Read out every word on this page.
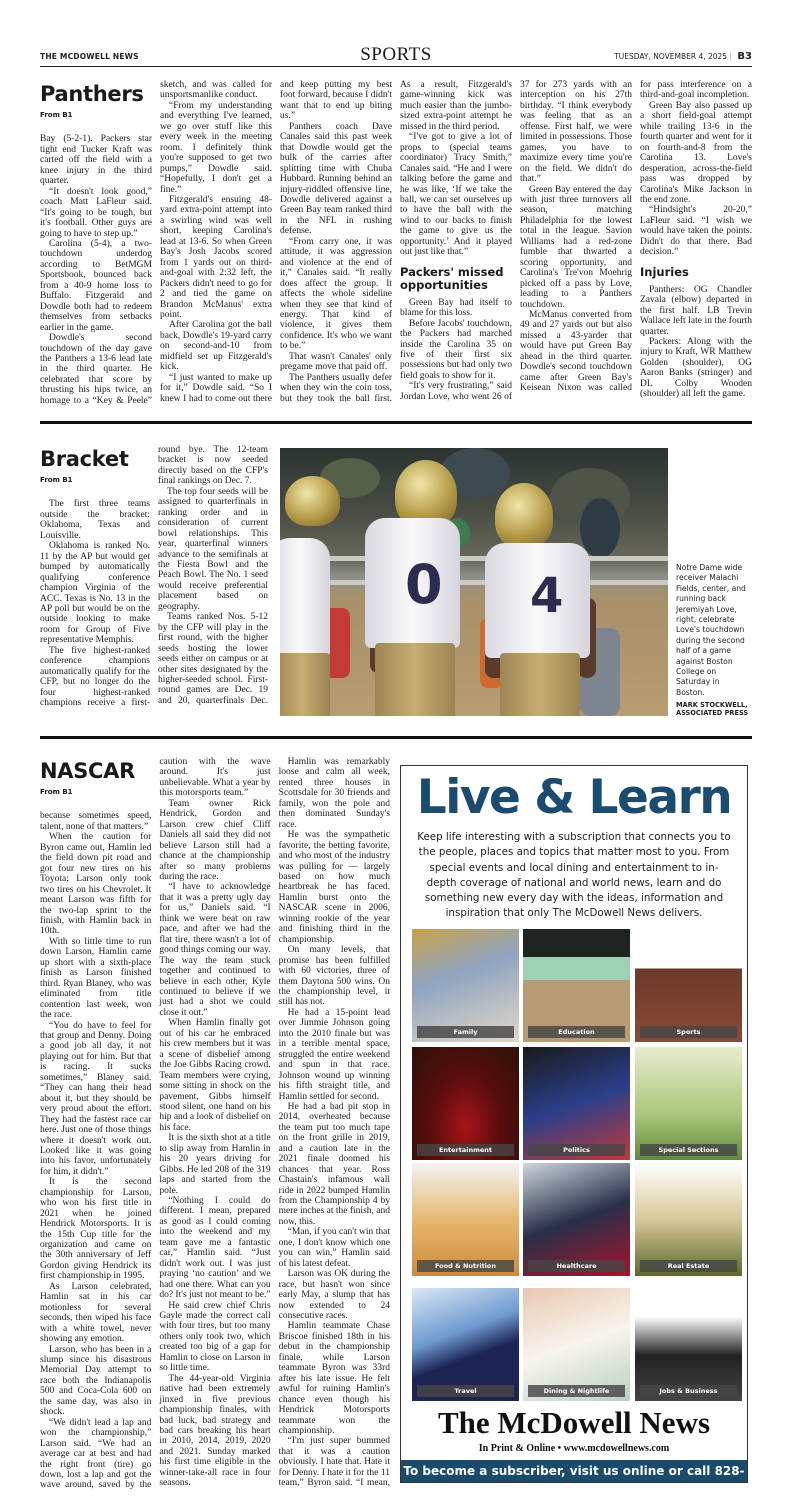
THE MCDOWELL NEWS	SPORTS	TUESDAY, NOVEMBER 4, 2025 | B3
Panthers

From B1

Bay (5-2-1). Packers star tight end Tucker Kraft was carted off the field with a knee injury in the third quarter.

“It doesn't look good,” coach Matt LaFleur said. “It's going to be tough, but it's football. Other guys are going to have to step up.”

Carolina (5-4), a two-touchdown underdog according to BetMGM Sportsbook, bounced back from a 40-9 home loss to Buffalo. Fitzgerald and Dowdle both had to redeem themselves from setbacks earlier in the game.

Dowdle's second touchdown of the day gave the Panthers a 13-6 lead late in the third quarter. He celebrated that score by thrusting his hips twice, an homage to a “Key & Peele” sketch, and was called for unsportsmanlike conduct.

“From my understanding and everything I've learned, we go over stuff like this every week in the meeting room. I definitely think you're supposed to get two pumps,” Dowdle said. “Hopefully, I don't get a fine.”

Fitzgerald's ensuing 48-yard extra-point attempt into a swirling wind was well short, keeping Carolina's lead at 13-6. So when Green Bay's Josh Jacobs scored from 1 yards out on third-and-goal with 2:32 left, the Packers didn't need to go for 2 and tied the game on Brandon McManus' extra point.

After Carolina got the ball back, Dowdle's 19-yard carry on second-and-10 from midfield set up Fitzgerald's kick.

“I just wanted to make up for it,” Dowdle said. “So I knew I had to come out there and keep putting my best foot forward, because I didn't want that to end up biting us.”

Panthers coach Dave Canales said this past week that Dowdle would get the bulk of the carries after splitting time with Chuba Hubbard. Running behind an injury-riddled offensive line, Dowdle delivered against a Green Bay team ranked third in the NFL in rushing defense.

“From carry one, it was attitude, it was aggression and violence at the end of it,” Canales said. “It really does affect the group. It affects the whole sideline when they see that kind of energy. That kind of violence, it gives them confidence. It's who we want to be.”

That wasn't Canales' only pregame move that paid off.

The Panthers usually defer when they win the coin toss, but they took the ball first. As a result, Fitzgerald's game-winning kick was much easier than the jumbo-sized extra-point attempt he missed in the third period.

“I've got to give a lot of props to (special teams coordinator) Tracy Smith,” Canales said. “He and I were talking before the game and he was like, ‘If we take the ball, we can set ourselves up to have the ball with the wind to our backs to finish the game to give us the opportunity.’ And it played out just like that.”

Packers' missed opportunities

Green Bay had itself to blame for this loss.

Before Jacobs' touchdown, the Packers had marched inside the Carolina 35 on five of their first six possessions but had only two field goals to show for it.

“It's very frustrating,” said Jordan Love, who went 26 of 37 for 273 yards with an interception on his 27th birthday. “I think everybody was feeling that as an offense. First half, we were limited in possessions. Those games, you have to maximize every time you're on the field. We didn't do that.”

Green Bay entered the day with just three turnovers all season, matching Philadelphia for the lowest total in the league. Savion Williams had a red-zone fumble that thwarted a scoring opportunity, and Carolina's Tre'von Moehrig picked off a pass by Love, leading to a Panthers touchdown.

McManus converted from 49 and 27 yards out but also missed a 43-yarder that would have put Green Bay ahead in the third quarter. Dowdle's second touchdown came after Green Bay's Keisean Nixon was called for pass interference on a third-and-goal incompletion.

Green Bay also passed up a short field-goal attempt while trailing 13-6 in the fourth quarter and went for it on fourth-and-8 from the Carolina 13. Love's desperation, across-the-field pass was dropped by Carolina's Mike Jackson in the end zone.

“Hindsight's 20-20,” LaFleur said. “I wish we would have taken the points. Didn't do that there. Bad decision.”

Injuries

Panthers: OG Chandler Zavala (elbow) departed in the first half. LB Trevin Wallace left late in the fourth quarter.

Packers: Along with the injury to Kraft, WR Matthew Golden (shoulder), OG Aaron Banks (stringer) and DL Colby Wooden (shoulder) all left the game.

Bracket

From B1

The first three teams outside the bracket: Oklahoma, Texas and Louisville.

Oklahoma is ranked No. 11 by the AP but would get bumped by automatically qualifying conference champion Virginia of the ACC. Texas is No. 13 in the AP poll but would be on the outside looking to make room for Group of Five representative Memphis.

The five highest-ranked conference champions automatically qualify for the CFP, but no longer do the four highest-ranked champions receive a first-round bye. The 12-team bracket is now seeded directly based on the CFP's final rankings on Dec. 7.

The top four seeds will be assigned to quarterfinals in ranking order and in consideration of current bowl relationships. This year, quarterfinal winners advance to the semifinals at the Fiesta Bowl and the Peach Bowl. The No. 1 seed would receive preferential placement based on geography.

Teams ranked Nos. 5-12 by the CFP will play in the first round, with the higher seeds hosting the lower seeds either on campus or at other sites designated by the higher-seeded school. First-round games are Dec. 19 and 20, quarterfinals Dec.

0 4
Notre Dame wide receiver Malachi Fields, center, and running back Jeremiyah Love, right, celebrate Love's touchdown during the second half of a game against Boston College on Saturday in Boston.
MARK STOCKWELL, ASSOCIATED PRESS
NASCAR

From B1

because sometimes speed, talent, none of that matters.”

When the caution for Byron came out, Hamlin led the field down pit road and got four new tires on his Toyota; Larson only took two tires on his Chevrolet. It meant Larson was fifth for the two-lap sprint to the finish, with Hamlin back in 10th.

With so little time to run down Larson, Hamlin came up short with a sixth-place finish as Larson finished third. Ryan Blaney, who was eliminated from title contention last week, won the race.

“You do have to feel for that group and Denny. Doing a good job all day, it not playing out for him. But that is racing. It sucks sometimes,” Blaney said. “They can hang their head about it, but they should be very proud about the effort. They had the fastest race car here. Just one of those things where it doesn't work out. Looked like it was going into his favor, unfortunately for him, it didn't.”

It is the second championship for Larson, who won his first title in 2021 when he joined Hendrick Motorsports. It is the 15th Cup title for the organization and came on the 30th anniversary of Jeff Gordon giving Hendrick its first championship in 1995.

As Larson celebrated, Hamlin sat in his car motionless for several seconds, then wiped his face with a white towel, never showing any emotion.

Larson, who has been in a slump since his disastrous Memorial Day attempt to race both the Indianapolis 500 and Coca-Cola 600 on the same day, was also in shock.

“We didn't lead a lap and won the championship,” Larson said. “We had an average car at best and had the right front (tire) go down, lost a lap and got the wave around, saved by the caution with the wave around. It's just unbelievable. What a year by this motorsports team.”

Team owner Rick Hendrick, Gordon and Larson crew chief Cliff Daniels all said they did not believe Larson still had a chance at the championship after so many problems during the race.

“I have to acknowledge that it was a pretty ugly day for us,” Daniels said. “I think we were beat on raw pace, and after we had the flat tire, there wasn't a lot of good things coming our way. The way the team stuck together and continued to believe in each other, Kyle continued to believe if we just had a shot we could close it out.”

When Hamlin finally got out of his car he embraced his crew members but it was a scene of disbelief among the Joe Gibbs Racing crowd. Team members were crying, some sitting in shock on the pavement, Gibbs himself stood silent, one hand on his hip and a look of disbelief on his face.

It is the sixth shot at a title to slip away from Hamlin in his 20 years driving for Gibbs. He led 208 of the 319 laps and started from the pole.

“Nothing I could do different. I mean, prepared as good as I could coming into the weekend and my team gave me a fantastic car,” Hamlin said. “Just didn't work out. I was just praying ‘no caution’ and we had one there. What can you do? It's just not meant to be.”

He said crew chief Chris Gayle made the correct call with four tires, but too many others only took two, which created too big of a gap for Hamlin to close on Larson in so little time.

The 44-year-old Virginia native had been extremely jinxed in five previous championship finales, with bad luck, bad strategy and bad cars breaking his heart in 2010, 2014, 2019, 2020 and 2021. Sunday marked his first time eligible in the winner-take-all race in four seasons.

Hamlin was remarkably loose and calm all week, rented three houses in Scottsdale for 30 friends and family, won the pole and then dominated Sunday's race.

He was the sympathetic favorite, the betting favorite, and who most of the industry was pulling for — largely based on how much heartbreak he has faced. Hamlin burst onto the NASCAR scene in 2006, winning rookie of the year and finishing third in the championship.

On many levels, that promise has been fulfilled with 60 victories, three of them Daytona 500 wins. On the championship level, it still has not.

He had a 15-point lead over Jimmie Johnson going into the 2010 finale but was in a terrible mental space, struggled the entire weekend and spun in that race. Johnson wound up winning his fifth straight title, and Hamlin settled for second.

He had a bad pit stop in 2014, overheated because the team put too much tape on the front grille in 2019, and a caution late in the 2021 finale doomed his chances that year. Ross Chastain's infamous wall ride in 2022 bumped Hamlin from the Championship 4 by mere inches at the finish, and now, this.

“Man, if you can't win that one, I don't know which one you can win,” Hamlin said of his latest defeat.

Larson was OK during the race, but hasn't won since early May, a slump that has now extended to 24 consecutive races.

Hamlin teammate Chase Briscoe finished 18th in his debut in the championship finale, while Larson teammate Byron was 33rd after his late issue. He felt awful for ruining Hamlin's chance even though his Hendrick Motorsports teammate won the championship.

“I'm just super bummed that it was a caution obviously. I hate that. Hate it for Denny. I hate it for the 11 team,” Byron said. “I mean,

Live & Learn
Keep life interesting with a subscription that connects you to the people, places and topics that matter most to you. From special events and local dining and entertainment to in-depth coverage of national and world news, learn and do something new every day with the ideas, information and inspiration that only The McDowell News delivers.
Family	Education	Sports
Entertainment	Politics	Special Sections
Food & Nutrition	Healthcare	Real Estate
Travel	Dining & Nightlife	Jobs & Business
The McDowell News
In Print & Online • www.mcdowellnews.com
To become a subscriber, visit us online or call 828-559-4043.
